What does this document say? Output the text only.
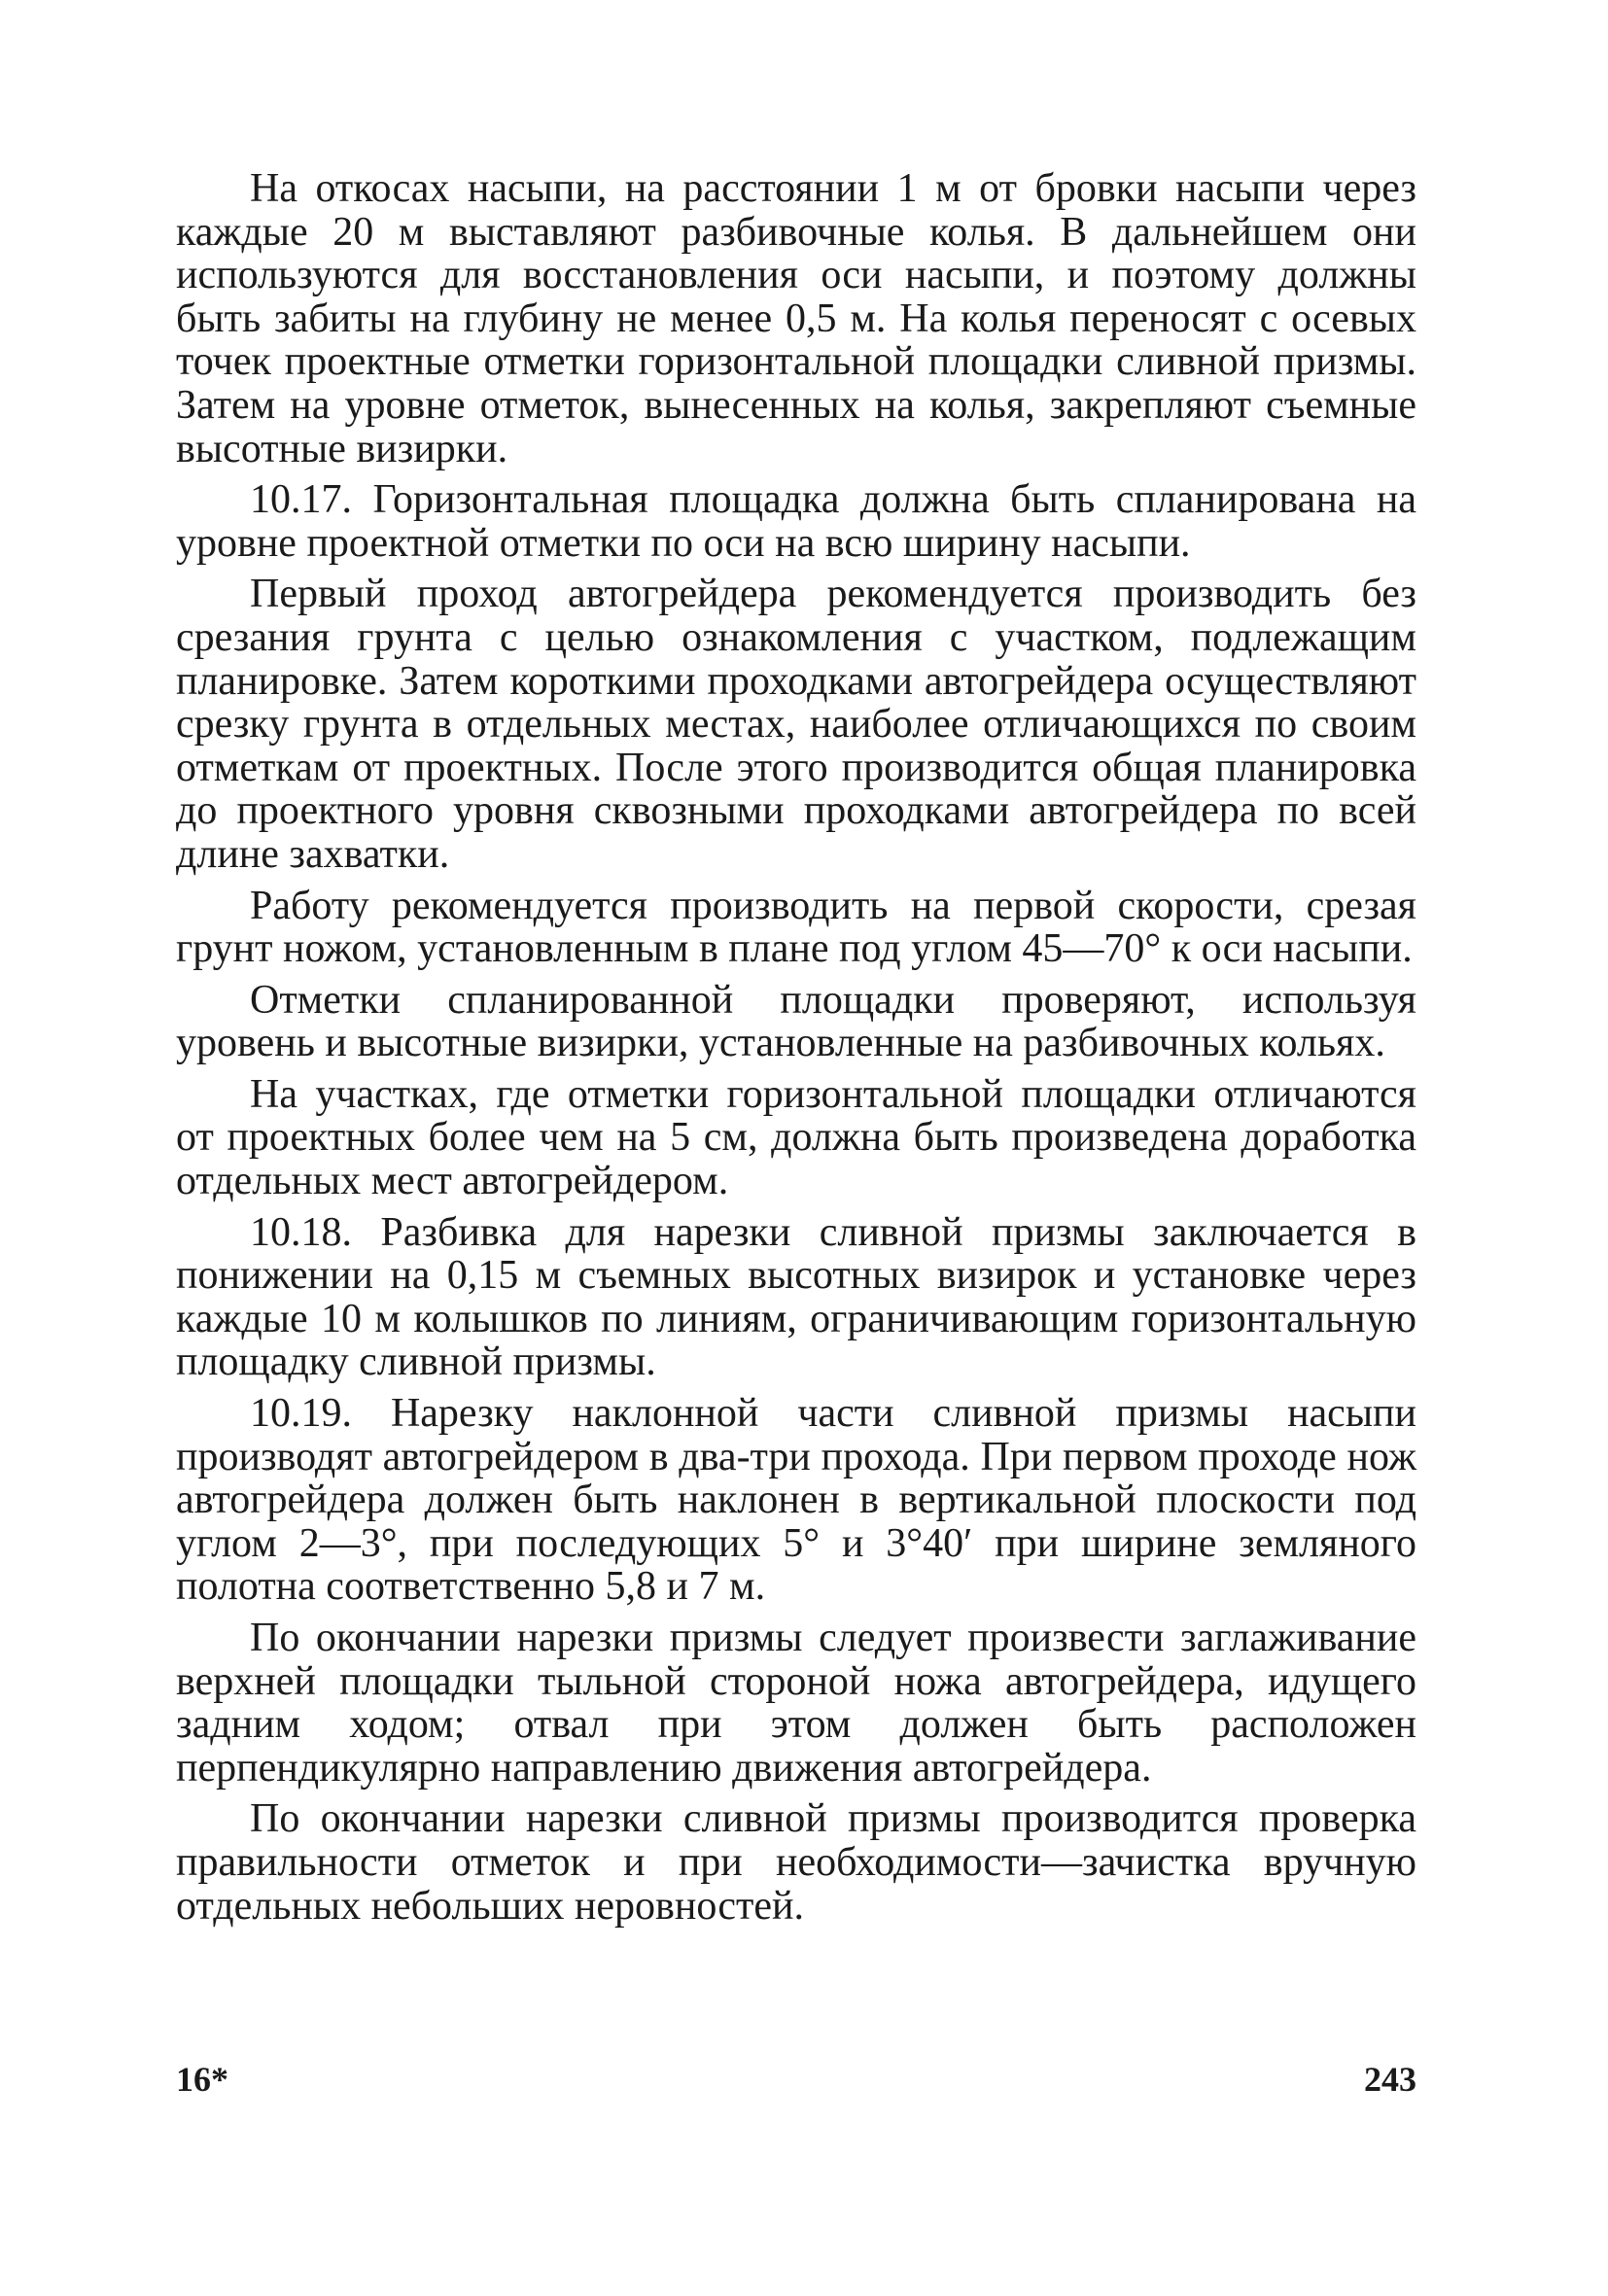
На откосах насыпи, на расстоянии 1 м от бровки насыпи через каждые 20 м выставляют разбивочные колья. В дальнейшем они используются для восстановления оси насыпи, и поэтому должны быть забиты на глубину не менее 0,5 м. На колья переносят с осевых точек проектные отметки горизонтальной площадки сливной призмы. Затем на уровне отметок, вынесенных на колья, закрепляют съемные высотные визирки.

10.17. Горизонтальная площадка должна быть спланирована на уровне проектной отметки по оси на всю ширину насыпи.

Первый проход автогрейдера рекомендуется производить без срезания грунта с целью ознакомления с участком, подлежащим планировке. Затем короткими проходками автогрейдера осуществляют срезку грунта в отдельных местах, наиболее отличающихся по своим отметкам от проектных. После этого производится общая планировка до проектного уровня сквозными проходками автогрейдера по всей длине захватки.

Работу рекомендуется производить на первой скорости, срезая грунт ножом, установленным в плане под углом 45—70° к оси насыпи.

Отметки спланированной площадки проверяют, используя уровень и высотные визирки, установленные на разбивочных кольях.

На участках, где отметки горизонтальной площадки отличаются от проектных более чем на 5 см, должна быть произведена доработка отдельных мест автогрейдером.

10.18. Разбивка для нарезки сливной призмы заключается в понижении на 0,15 м съемных высотных визирок и установке через каждые 10 м колышков по линиям, ограничивающим горизонтальную площадку сливной призмы.

10.19. Нарезку наклонной части сливной призмы насыпи производят автогрейдером в два-три прохода. При первом проходе нож автогрейдера должен быть наклонен в вертикальной плоскости под углом 2—3°, при последующих 5° и 3°40′ при ширине земляного полотна соответственно 5,8 и 7 м.

По окончании нарезки призмы следует произвести заглаживание верхней площадки тыльной стороной ножа автогрейдера, идущего задним ходом; отвал при этом должен быть расположен перпендикулярно направлению движения автогрейдера.

По окончании нарезки сливной призмы производится проверка правильности отметок и при необходимости—зачистка вручную отдельных небольших неровностей.

16*	243
